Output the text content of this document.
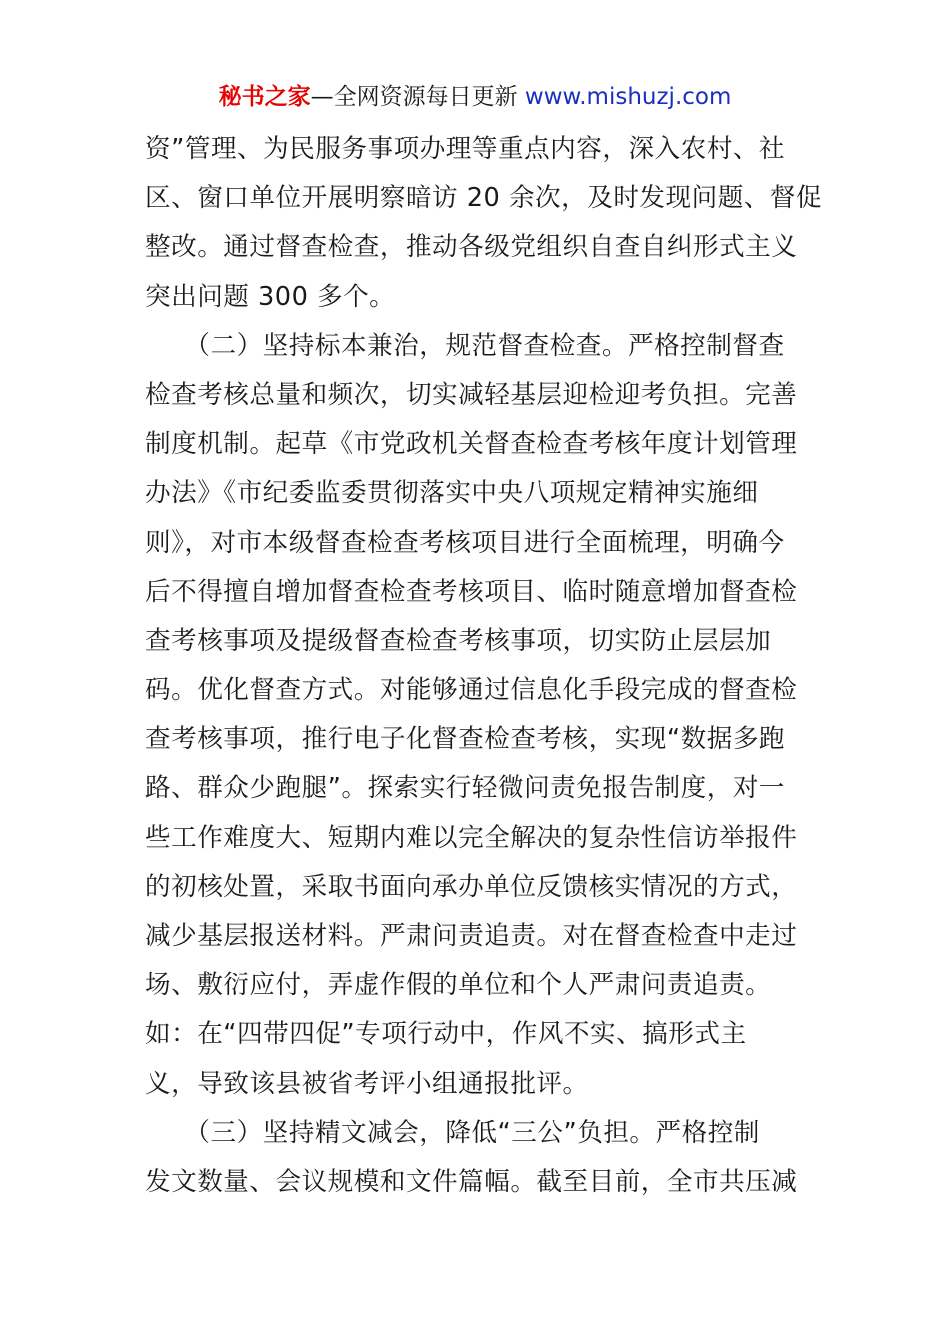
秘书之家—全网资源每日更新 www.mishuzj.com
资”管理、为民服务事项办理等重点内容，深入农村、社
区、窗口单位开展明察暗访 20 余次，及时发现问题、督促
整改。通过督查检查，推动各级党组织自查自纠形式主义
突出问题 300 多个。
　　（二）坚持标本兼治，规范督查检查。严格控制督查
检查考核总量和频次，切实减轻基层迎检迎考负担。完善
制度机制。起草《市党政机关督查检查考核年度计划管理
办法》《市纪委监委贯彻落实中央八项规定精神实施细
则》，对市本级督查检查考核项目进行全面梳理，明确今
后不得擅自增加督查检查考核项目、临时随意增加督查检
查考核事项及提级督查检查考核事项，切实防止层层加
码。优化督查方式。对能够通过信息化手段完成的督查检
查考核事项，推行电子化督查检查考核，实现“数据多跑
路、群众少跑腿”。探索实行轻微问责免报告制度，对一
些工作难度大、短期内难以完全解决的复杂性信访举报件
的初核处置，采取书面向承办单位反馈核实情况的方式，
减少基层报送材料。严肃问责追责。对在督查检查中走过
场、敷衍应付，弄虚作假的单位和个人严肃问责追责。
如：在“四带四促”专项行动中，作风不实、搞形式主
义，导致该县被省考评小组通报批评。
　　（三）坚持精文减会，降低“三公”负担。严格控制
发文数量、会议规模和文件篇幅。截至目前，全市共压减
